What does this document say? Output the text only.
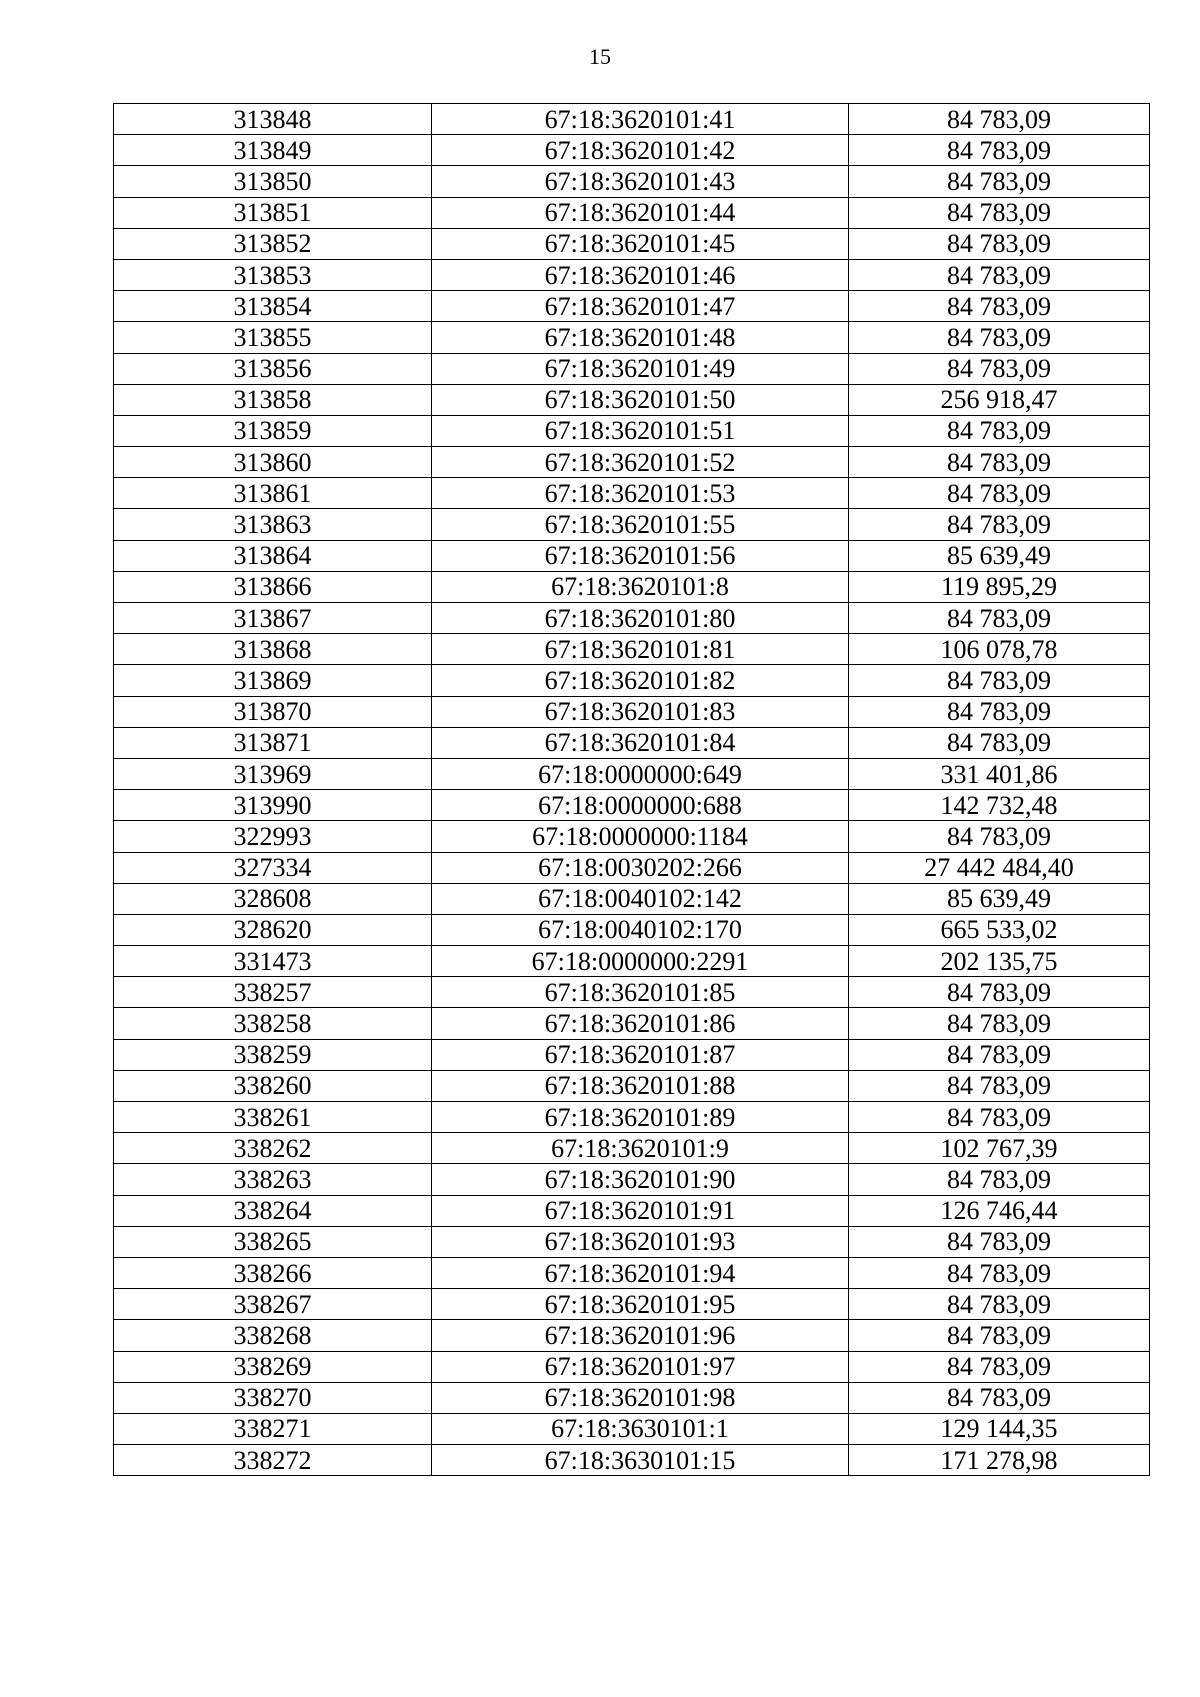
15
313848	67:18:3620101:41	84 783,09
313849	67:18:3620101:42	84 783,09
313850	67:18:3620101:43	84 783,09
313851	67:18:3620101:44	84 783,09
313852	67:18:3620101:45	84 783,09
313853	67:18:3620101:46	84 783,09
313854	67:18:3620101:47	84 783,09
313855	67:18:3620101:48	84 783,09
313856	67:18:3620101:49	84 783,09
313858	67:18:3620101:50	256 918,47
313859	67:18:3620101:51	84 783,09
313860	67:18:3620101:52	84 783,09
313861	67:18:3620101:53	84 783,09
313863	67:18:3620101:55	84 783,09
313864	67:18:3620101:56	85 639,49
313866	67:18:3620101:8	119 895,29
313867	67:18:3620101:80	84 783,09
313868	67:18:3620101:81	106 078,78
313869	67:18:3620101:82	84 783,09
313870	67:18:3620101:83	84 783,09
313871	67:18:3620101:84	84 783,09
313969	67:18:0000000:649	331 401,86
313990	67:18:0000000:688	142 732,48
322993	67:18:0000000:1184	84 783,09
327334	67:18:0030202:266	27 442 484,40
328608	67:18:0040102:142	85 639,49
328620	67:18:0040102:170	665 533,02
331473	67:18:0000000:2291	202 135,75
338257	67:18:3620101:85	84 783,09
338258	67:18:3620101:86	84 783,09
338259	67:18:3620101:87	84 783,09
338260	67:18:3620101:88	84 783,09
338261	67:18:3620101:89	84 783,09
338262	67:18:3620101:9	102 767,39
338263	67:18:3620101:90	84 783,09
338264	67:18:3620101:91	126 746,44
338265	67:18:3620101:93	84 783,09
338266	67:18:3620101:94	84 783,09
338267	67:18:3620101:95	84 783,09
338268	67:18:3620101:96	84 783,09
338269	67:18:3620101:97	84 783,09
338270	67:18:3620101:98	84 783,09
338271	67:18:3630101:1	129 144,35
338272	67:18:3630101:15	171 278,98
